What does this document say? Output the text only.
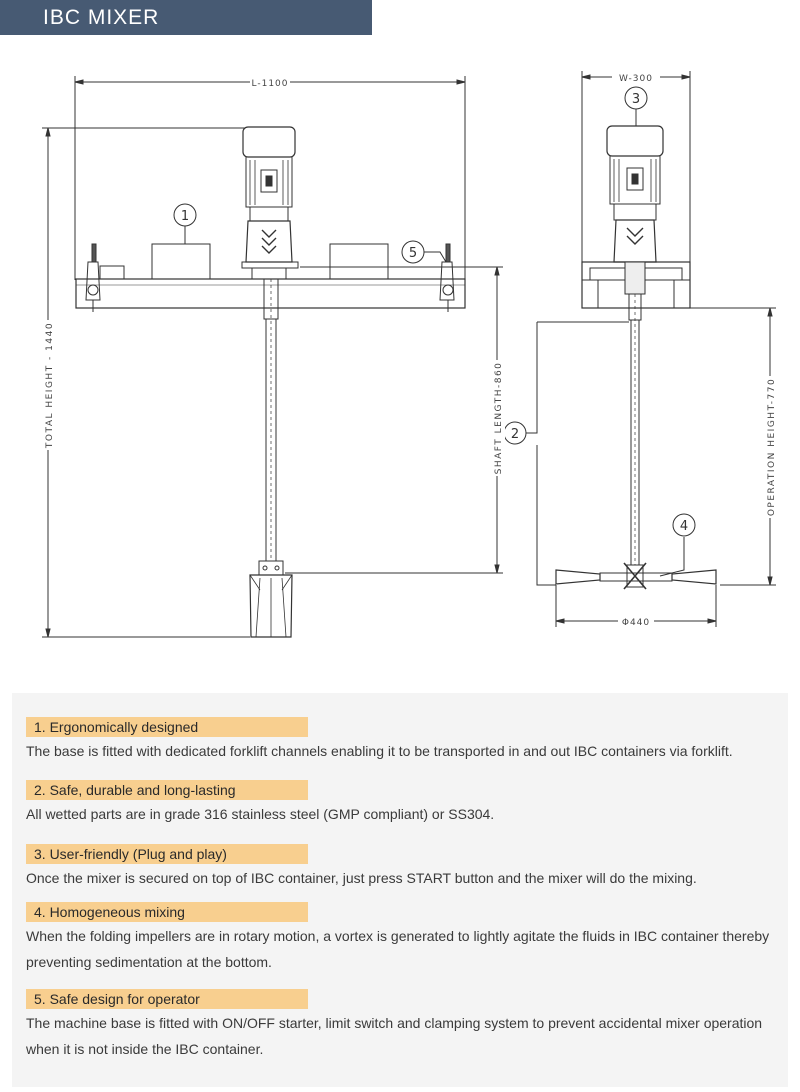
IBC MIXER
1
2
3
4
5
L-1100	W-300
TOTAL HEIGHT - 1440	SHAFT LENGTH-860	OPERATION HEIGHT-770
Φ440
1. Ergonomically designed
The base is fitted with dedicated forklift channels enabling it to be transported in and out IBC containers via forklift.
2. Safe, durable and long-lasting
All wetted parts are in grade 316 stainless steel (GMP compliant) or SS304.
3. User-friendly (Plug and play)
Once the mixer is secured on top of IBC container, just press START button and the mixer will do the mixing.
4. Homogeneous mixing
When the folding impellers are in rotary motion, a vortex is generated to lightly agitate the fluids in IBC container thereby preventing sedimentation at the bottom.
5. Safe design for operator
The machine base is fitted with ON/OFF starter, limit switch and clamping system to prevent accidental mixer operation when it is not inside the IBC container.
